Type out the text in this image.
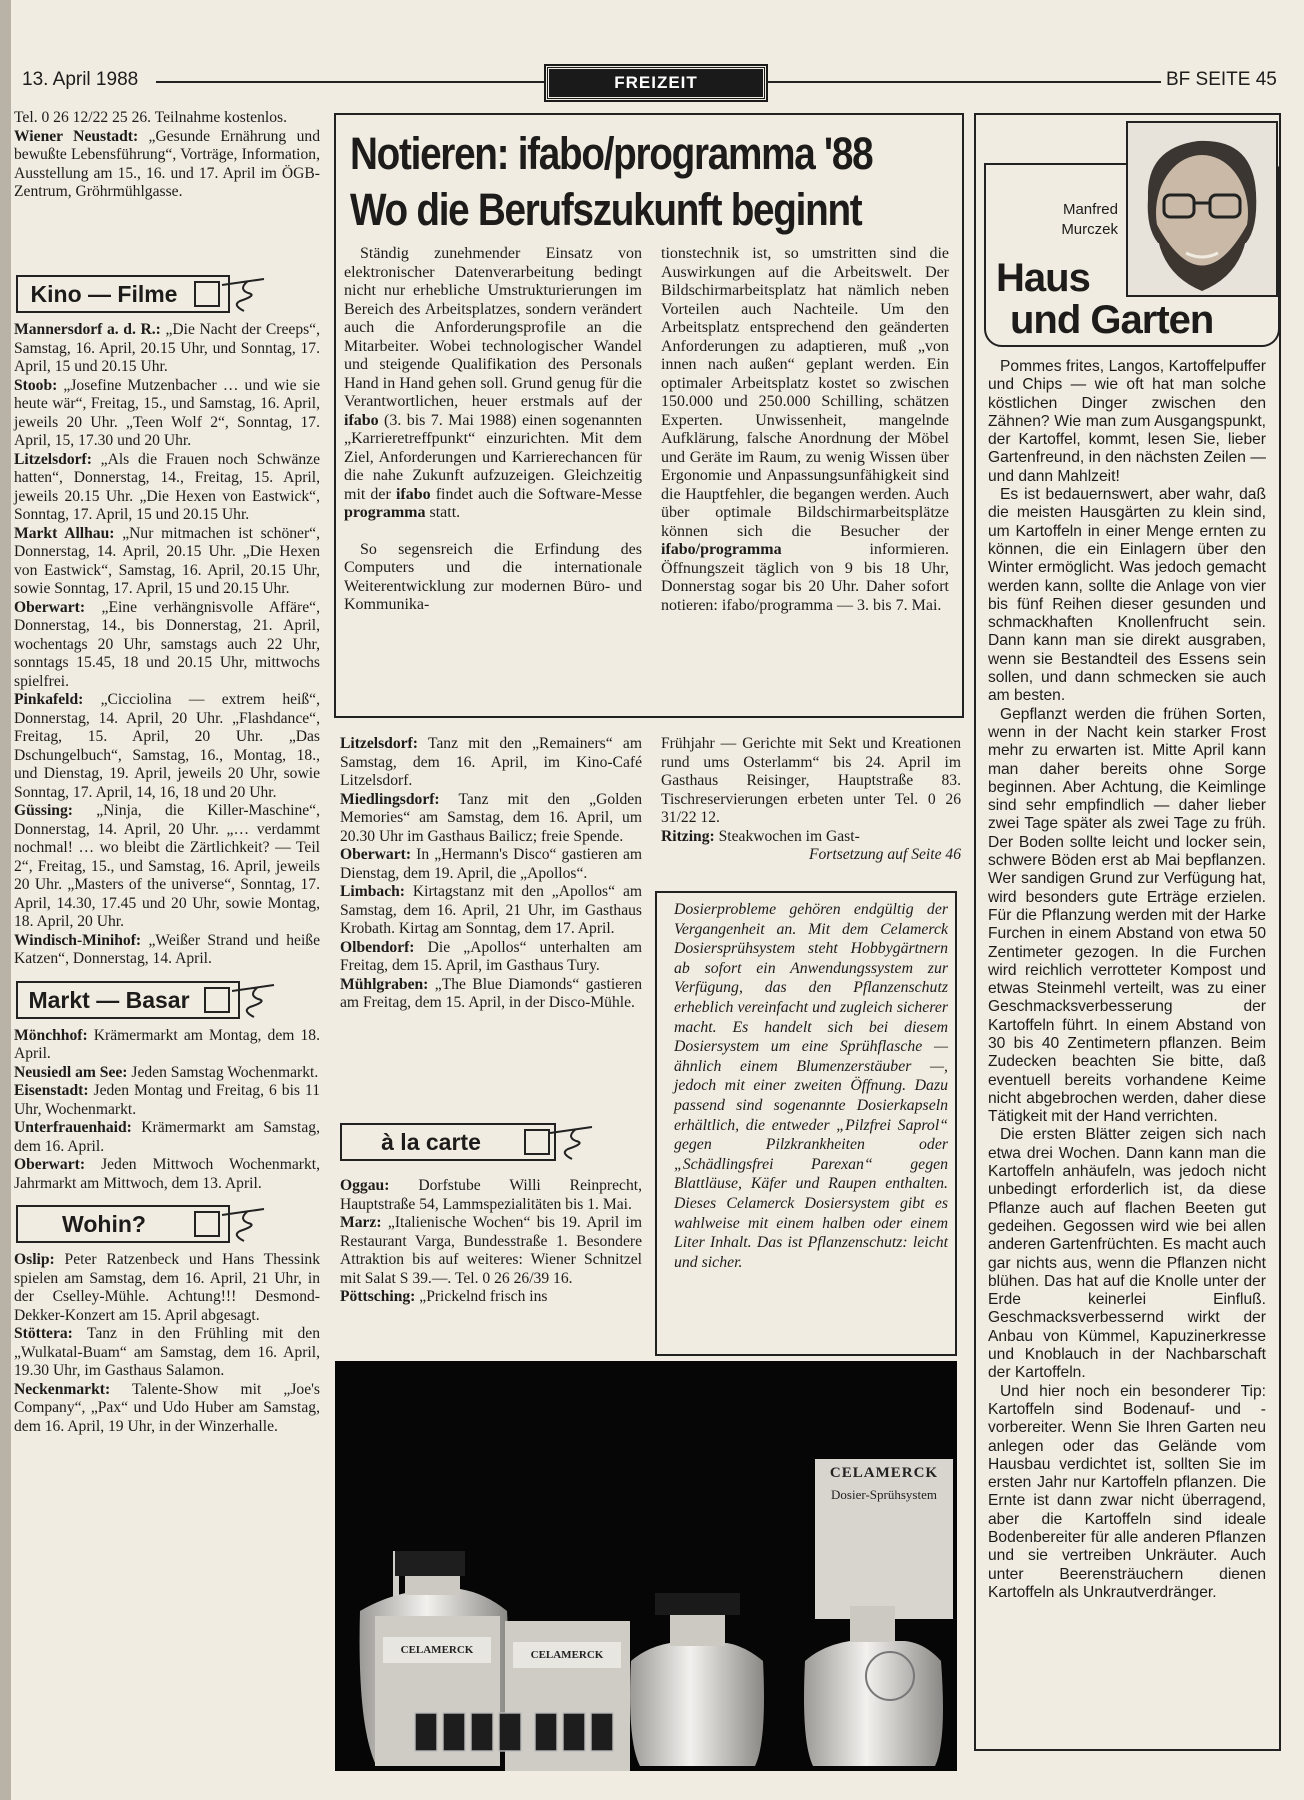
13. April 1988	FREIZEIT	BF SEITE 45

Tel. 0 26 12/22 25 26. Teilnahme kostenlos.

Wiener Neustadt: „Gesunde Ernährung und bewußte Lebensführung“, Vorträge, Information, Ausstellung am 15., 16. und 17. April im ÖGB-Zentrum, Gröhrmühlgasse.

Kino — Filme

Mannersdorf a. d. R.: „Die Nacht der Creeps“, Samstag, 16. April, 20.15 Uhr, und Sonntag, 17. April, 15 und 20.15 Uhr.

Stoob: „Josefine Mutzenbacher … und wie sie heute wär“, Freitag, 15., und Samstag, 16. April, jeweils 20 Uhr. „Teen Wolf 2“, Sonntag, 17. April, 15, 17.30 und 20 Uhr.

Litzelsdorf: „Als die Frauen noch Schwänze hatten“, Donnerstag, 14., Freitag, 15. April, jeweils 20.15 Uhr. „Die Hexen von Eastwick“, Sonntag, 17. April, 15 und 20.15 Uhr.

Markt Allhau: „Nur mitmachen ist schöner“, Donnerstag, 14. April, 20.15 Uhr. „Die Hexen von Eastwick“, Samstag, 16. April, 20.15 Uhr, sowie Sonntag, 17. April, 15 und 20.15 Uhr.

Oberwart: „Eine verhängnisvolle Affäre“, Donnerstag, 14., bis Donnerstag, 21. April, wochentags 20 Uhr, samstags auch 22 Uhr, sonntags 15.45, 18 und 20.15 Uhr, mittwochs spielfrei.

Pinkafeld: „Cicciolina — extrem heiß“, Donnerstag, 14. April, 20 Uhr. „Flashdance“, Freitag, 15. April, 20 Uhr. „Das Dschungelbuch“, Samstag, 16., Montag, 18., und Dienstag, 19. April, jeweils 20 Uhr, sowie Sonntag, 17. April, 14, 16, 18 und 20 Uhr.

Güssing: „Ninja, die Killer-Maschine“, Donnerstag, 14. April, 20 Uhr. „… verdammt nochmal! … wo bleibt die Zärtlichkeit? — Teil 2“, Freitag, 15., und Samstag, 16. April, jeweils 20 Uhr. „Masters of the universe“, Sonntag, 17. April, 14.30, 17.45 und 20 Uhr, sowie Montag, 18. April, 20 Uhr.

Windisch-Minihof: „Weißer Strand und heiße Katzen“, Donnerstag, 14. April.

Markt — Basar

Mönchhof: Krämermarkt am Montag, dem 18. April.

Neusiedl am See: Jeden Samstag Wochenmarkt.

Eisenstadt: Jeden Montag und Freitag, 6 bis 11 Uhr, Wochenmarkt.

Unterfrauenhaid: Krämermarkt am Samstag, dem 16. April.

Oberwart: Jeden Mittwoch Wochenmarkt, Jahrmarkt am Mittwoch, dem 13. April.

Wohin?

Oslip: Peter Ratzenbeck und Hans Thessink spielen am Samstag, dem 16. April, 21 Uhr, in der Cselley-Mühle. Achtung!!! Desmond-Dekker-Konzert am 15. April abgesagt.

Stöttera: Tanz in den Frühling mit den „Wulkatal-Buam“ am Samstag, dem 16. April, 19.30 Uhr, im Gasthaus Salamon.

Neckenmarkt: Talente-Show mit „Joe's Company“, „Pax“ und Udo Huber am Samstag, dem 16. April, 19 Uhr, in der Winzerhalle.

Notieren: ifabo/programma '88
Wo die Berufszukunft beginnt

Ständig zunehmender Einsatz von elektronischer Datenverarbeitung bedingt nicht nur erhebliche Umstrukturierungen im Bereich des Arbeitsplatzes, sondern verändert auch die Anforderungsprofile an die Mitarbeiter. Wobei technologischer Wandel und steigende Qualifikation des Personals Hand in Hand gehen soll. Grund genug für die Verantwortlichen, heuer erstmals auf der ifabo (3. bis 7. Mai 1988) einen sogenannten „Karrieretreffpunkt“ einzurichten. Mit dem Ziel, Anforderungen und Karrierechancen für die nahe Zukunft aufzuzeigen. Gleichzeitig mit der ifabo findet auch die Software-Messe programma statt.

So segensreich die Erfindung des Computers und die internationale Weiterentwicklung zur modernen Büro- und Kommunika-

tionstechnik ist, so umstritten sind die Auswirkungen auf die Arbeitswelt. Der Bildschirmarbeitsplatz hat nämlich neben Vorteilen auch Nachteile. Um den Arbeitsplatz entsprechend den geänderten Anforderungen zu adaptieren, muß „von innen nach außen“ geplant werden. Ein optimaler Arbeitsplatz kostet so zwischen 150.000 und 250.000 Schilling, schätzen Experten. Unwissenheit, mangelnde Aufklärung, falsche Anordnung der Möbel und Geräte im Raum, zu wenig Wissen über Ergonomie und Anpassungsunfähigkeit sind die Hauptfehler, die begangen werden. Auch über optimale Bildschirmarbeitsplätze können sich die Besucher der ifabo/programma informieren. Öffnungszeit täglich von 9 bis 18 Uhr, Donnerstag sogar bis 20 Uhr. Daher sofort notieren: ifabo/programma — 3. bis 7. Mai.

Litzelsdorf: Tanz mit den „Remainers“ am Samstag, dem 16. April, im Kino-Café Litzelsdorf.

Miedlingsdorf: Tanz mit den „Golden Memories“ am Samstag, dem 16. April, um 20.30 Uhr im Gasthaus Bailicz; freie Spende.

Oberwart: In „Hermann's Disco“ gastieren am Dienstag, dem 19. April, die „Apollos“.

Limbach: Kirtagstanz mit den „Apollos“ am Samstag, dem 16. April, 21 Uhr, im Gasthaus Krobath. Kirtag am Sonntag, dem 17. April.

Olbendorf: Die „Apollos“ unterhalten am Freitag, dem 15. April, im Gasthaus Tury.

Mühlgraben: „The Blue Diamonds“ gastieren am Freitag, dem 15. April, in der Disco-Mühle.

à la carte

Oggau: Dorfstube Willi Reinprecht, Hauptstraße 54, Lammspezialitäten bis 1. Mai.

Marz: „Italienische Wochen“ bis 19. April im Restaurant Varga, Bundesstraße 1. Besondere Attraktion bis auf weiteres: Wiener Schnitzel mit Salat S 39.—. Tel. 0 26 26/39 16.

Pöttsching: „Prickelnd frisch ins

Frühjahr — Gerichte mit Sekt und Kreationen rund ums Osterlamm“ bis 24. April im Gasthaus Reisinger, Hauptstraße 83. Tischreservierungen erbeten unter Tel. 0 26 31/22 12.

Ritzing: Steakwochen im Gast-

Fortsetzung auf Seite 46

Dosierprobleme gehören endgültig der Vergangenheit an. Mit dem Celamerck Dosiersprühsystem steht Hobbygärtnern ab sofort ein Anwendungssystem zur Verfügung, das den Pflanzenschutz erheblich vereinfacht und zugleich sicherer macht. Es handelt sich bei diesem Dosiersystem um eine Sprühflasche — ähnlich einem Blumenzerstäuber —, jedoch mit einer zweiten Öffnung. Dazu passend sind sogenannte Dosierkapseln erhältlich, die entweder „Pilzfrei Saprol“ gegen Pilzkrankheiten oder „Schädlingsfrei Parexan“ gegen Blattläuse, Käfer und Raupen enthalten. Dieses Celamerck Dosiersystem gibt es wahlweise mit einem halben oder einem Liter Inhalt. Das ist Pflanzenschutz: leicht und sicher.
CELAMERCK
Dosier-Sprühsystem
CELAMERCK	CELAMERCK
Manfred
Murczek
Haus
und Garten

Pommes frites, Langos, Kartoffelpuffer und Chips — wie oft hat man solche köstlichen Dinger zwischen den Zähnen? Wie man zum Ausgangspunkt, der Kartoffel, kommt, lesen Sie, lieber Gartenfreund, in den nächsten Zeilen — und dann Mahlzeit!

Es ist bedauernswert, aber wahr, daß die meisten Hausgärten zu klein sind, um Kartoffeln in einer Menge ernten zu können, die ein Einlagern über den Winter ermöglicht. Was jedoch gemacht werden kann, sollte die Anlage von vier bis fünf Reihen dieser gesunden und schmackhaften Knollenfrucht sein. Dann kann man sie direkt ausgraben, wenn sie Bestandteil des Essens sein sollen, und dann schmecken sie auch am besten.

Gepflanzt werden die frühen Sorten, wenn in der Nacht kein starker Frost mehr zu erwarten ist. Mitte April kann man daher bereits ohne Sorge beginnen. Aber Achtung, die Keimlinge sind sehr empfindlich — daher lieber zwei Tage später als zwei Tage zu früh. Der Boden sollte leicht und locker sein, schwere Böden erst ab Mai bepflanzen. Wer sandigen Grund zur Verfügung hat, wird besonders gute Erträge erzielen. Für die Pflanzung werden mit der Harke Furchen in einem Abstand von etwa 50 Zentimeter gezogen. In die Furchen wird reichlich verrotteter Kompost und etwas Steinmehl verteilt, was zu einer Geschmacksverbesserung der Kartoffeln führt. In einem Abstand von 30 bis 40 Zentimetern pflanzen. Beim Zudecken beachten Sie bitte, daß eventuell bereits vorhandene Keime nicht abgebrochen werden, daher diese Tätigkeit mit der Hand verrichten.

Die ersten Blätter zeigen sich nach etwa drei Wochen. Dann kann man die Kartoffeln anhäufeln, was jedoch nicht unbedingt erforderlich ist, da diese Pflanze auch auf flachen Beeten gut gedeihen. Gegossen wird wie bei allen anderen Gartenfrüchten. Es macht auch gar nichts aus, wenn die Pflanzen nicht blühen. Das hat auf die Knolle unter der Erde keinerlei Einfluß. Geschmacksverbessernd wirkt der Anbau von Kümmel, Kapuzinerkresse und Knoblauch in der Nachbarschaft der Kartoffeln.

Und hier noch ein besonderer Tip: Kartoffeln sind Bodenauf- und -vorbereiter. Wenn Sie Ihren Garten neu anlegen oder das Gelände vom Hausbau verdichtet ist, sollten Sie im ersten Jahr nur Kartoffeln pflanzen. Die Ernte ist dann zwar nicht überragend, aber die Kartoffeln sind ideale Bodenbereiter für alle anderen Pflanzen und sie vertreiben Unkräuter. Auch unter Beerensträuchern dienen Kartoffeln als Unkrautverdränger.
